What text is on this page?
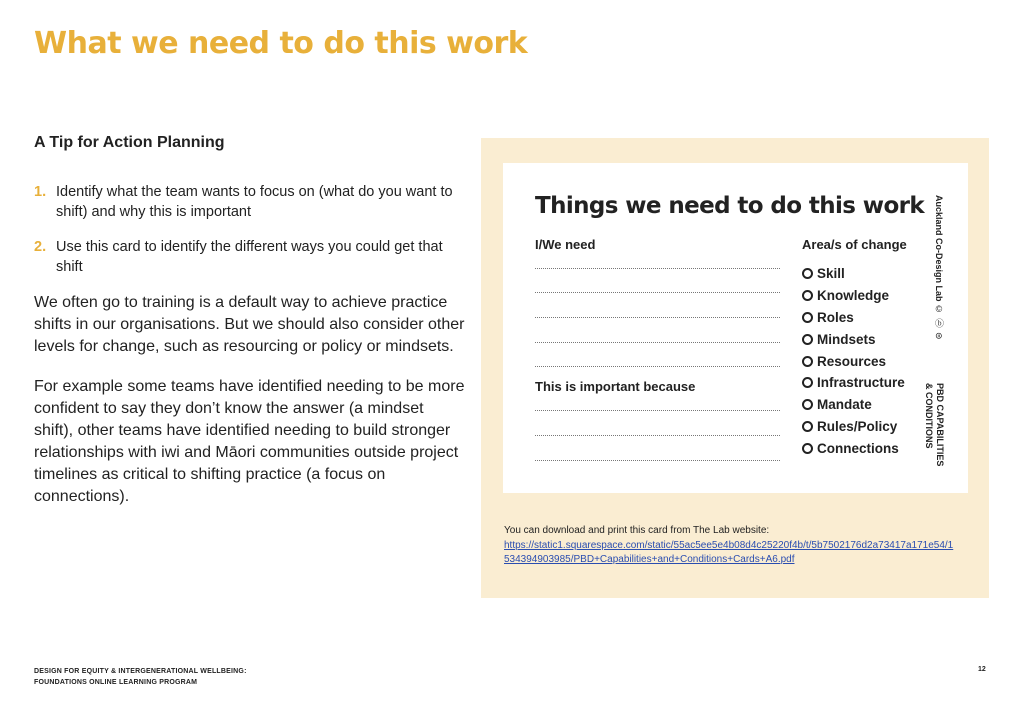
What we need to do this work
A Tip for Action Planning
1. Identify what the team wants to focus on (what do you want to shift) and why this is important
2. Use this card to identify the different ways you could get that shift

We often go to training is a default way to achieve practice shifts in our organisations. But we should also consider other levels for change, such as resourcing or policy or mindsets.

For example some teams have identified needing to be more confident to say they don’t know the answer (a mindset shift), other teams have identified needing to build stronger relationships with iwi and Māori communities outside project timelines as critical to shifting practice (a focus on connections).

Things we need to do this work
I/We need
This is important because
Area/s of change
Skill
Knowledge
Roles
Mindsets
Resources
Infrastructure
Mandate
Rules/Policy
Connections
Auckland Co-Design Lab © ⓑ ⊜
PBD CAPABILITIES
& CONDITIONS
You can download and print this card from The Lab website:
https://static1.squarespace.com/static/55ac5ee5e4b08d4c25220f4b/t/5b7502176d2a73417a171e54/1534394903985/PBD+Capabilities+and+Conditions+Cards+A6.pdf
DESIGN FOR EQUITY & INTERGENERATIONAL WELLBEING:
FOUNDATIONS ONLINE LEARNING PROGRAM
12
